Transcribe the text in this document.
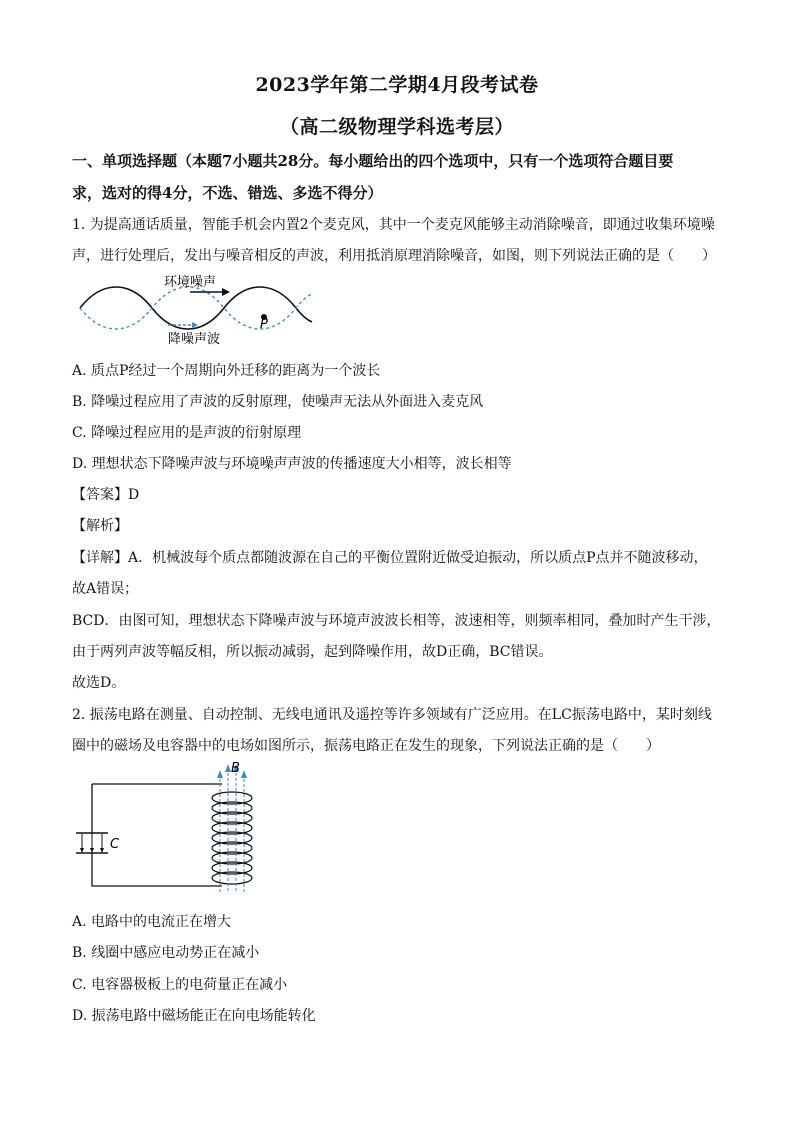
2023学年第二学期4月段考试卷
（高二级物理学科选考层）
一、单项选择题（本题7小题共28分。每小题给出的四个选项中，只有一个选项符合题目要
求，选对的得4分，不选、错选、多选不得分）
1. 为提高通话质量，智能手机会内置2个麦克风，其中一个麦克风能够主动消除噪音，即通过收集环境噪
声，进行处理后，发出与噪音相反的声波，利用抵消原理消除噪音，如图，则下列说法正确的是（　　）
环境噪声
降噪声波
P
A. 质点P经过一个周期向外迁移的距离为一个波长
B. 降噪过程应用了声波的反射原理，使噪声无法从外面进入麦克风
C. 降噪过程应用的是声波的衍射原理
D. 理想状态下降噪声波与环境噪声声波的传播速度大小相等，波长相等
【答案】D
【解析】
【详解】A．机械波每个质点都随波源在自己的平衡位置附近做受迫振动，所以质点P点并不随波移动，
故A错误；
BCD．由图可知，理想状态下降噪声波与环境声波波长相等，波速相等，则频率相同，叠加时产生干涉，
由于两列声波等幅反相，所以振动减弱，起到降噪作用，故D正确，BC错误。
故选D。
2. 振荡电路在测量、自动控制、无线电通讯及遥控等许多领域有广泛应用。在LC振荡电路中，某时刻线
圈中的磁场及电容器中的电场如图所示，振荡电路正在发生的现象，下列说法正确的是（　　）
C
B
A. 电路中的电流正在增大
B. 线圈中感应电动势正在减小
C. 电容器极板上的电荷量正在减小
D. 振荡电路中磁场能正在向电场能转化
